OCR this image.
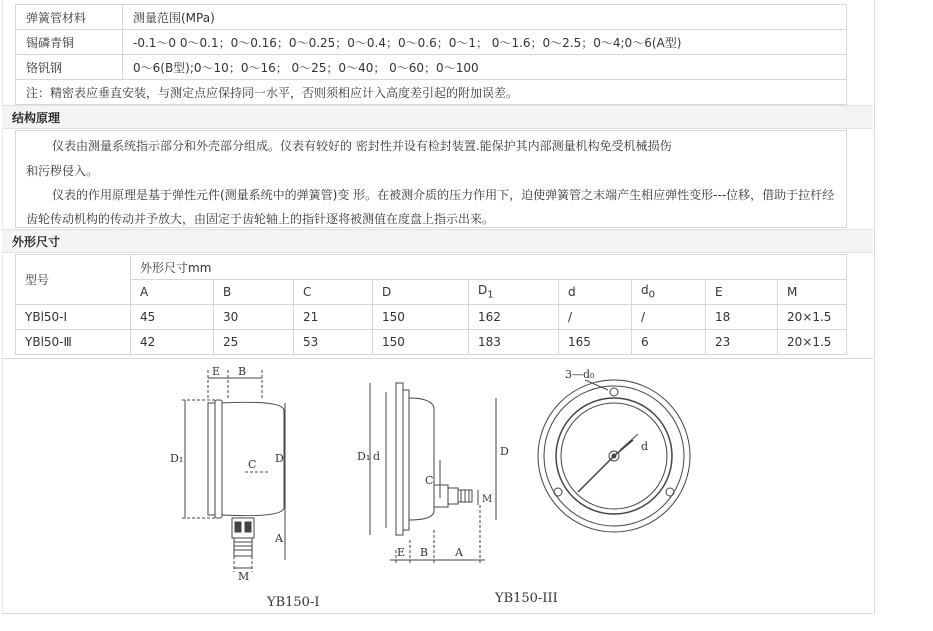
弹簧管材料	测量范围(MPa)
锡磷青铜	-0.1～0 0～0.1；0～0.16；0～0.25；0～0.4；0～0.6；0～1； 0～1.6；0～2.5；0～4;0～6(A型)
铬钒钢	0～6(B型);0～10；0～16； 0～25；0～40； 0～60；0～100
注：精密表应垂直安装，与测定点应保持同一水平，否则须相应计入高度差引起的附加误差。	
结构原理

仪表由测量系统指示部分和外壳部分组成。仪表有较好的 密封性并设有检封装置.能保护其内部测量机构免受机械损伤

和污秽侵入。

仪表的作用原理是基于弹性元件(测量系统中的弹簧管)变 形。在被测介质的压力作用下，迫使弹簧管之末端产生相应弹性变形---位移，借助于拉杆经

齿轮传动机构的传动并予放大，由固定于齿轮轴上的指针逐将被测值在度盘上指示出来。

外形尺寸
型号	外形尺寸mm								
	A	B	C	D	$D_1$	d	$d_0$	E	M
YBl50-Ⅰ	45	30	21	150	162	/	/	18	20×1.5
YBl50-Ⅲ	42	25	53	150	183	165	6	23	20×1.5
E B
D₁	D
C
A
M
YB150-I
D₁ d	D
C
M
E B A
YB150-III
3—d₀
d
